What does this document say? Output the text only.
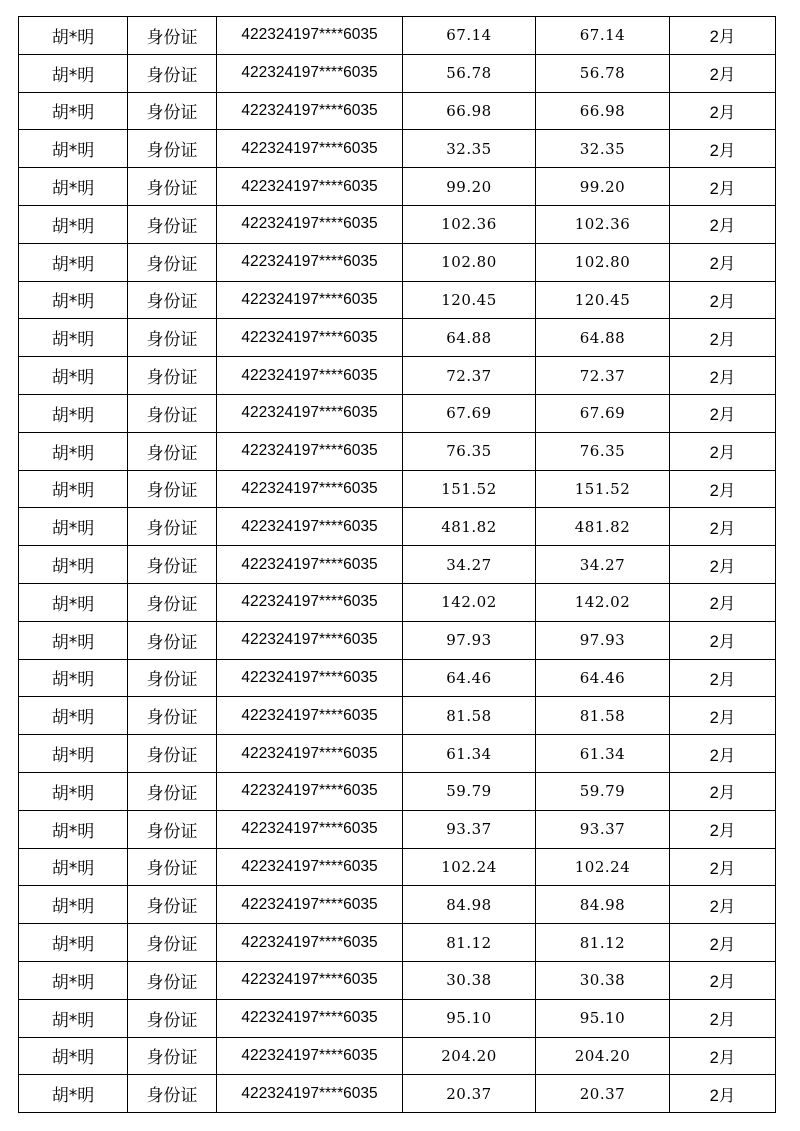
胡*明	身份证	422324197****6035	67.14	67.14	2月
胡*明	身份证	422324197****6035	56.78	56.78	2月
胡*明	身份证	422324197****6035	66.98	66.98	2月
胡*明	身份证	422324197****6035	32.35	32.35	2月
胡*明	身份证	422324197****6035	99.20	99.20	2月
胡*明	身份证	422324197****6035	102.36	102.36	2月
胡*明	身份证	422324197****6035	102.80	102.80	2月
胡*明	身份证	422324197****6035	120.45	120.45	2月
胡*明	身份证	422324197****6035	64.88	64.88	2月
胡*明	身份证	422324197****6035	72.37	72.37	2月
胡*明	身份证	422324197****6035	67.69	67.69	2月
胡*明	身份证	422324197****6035	76.35	76.35	2月
胡*明	身份证	422324197****6035	151.52	151.52	2月
胡*明	身份证	422324197****6035	481.82	481.82	2月
胡*明	身份证	422324197****6035	34.27	34.27	2月
胡*明	身份证	422324197****6035	142.02	142.02	2月
胡*明	身份证	422324197****6035	97.93	97.93	2月
胡*明	身份证	422324197****6035	64.46	64.46	2月
胡*明	身份证	422324197****6035	81.58	81.58	2月
胡*明	身份证	422324197****6035	61.34	61.34	2月
胡*明	身份证	422324197****6035	59.79	59.79	2月
胡*明	身份证	422324197****6035	93.37	93.37	2月
胡*明	身份证	422324197****6035	102.24	102.24	2月
胡*明	身份证	422324197****6035	84.98	84.98	2月
胡*明	身份证	422324197****6035	81.12	81.12	2月
胡*明	身份证	422324197****6035	30.38	30.38	2月
胡*明	身份证	422324197****6035	95.10	95.10	2月
胡*明	身份证	422324197****6035	204.20	204.20	2月
胡*明	身份证	422324197****6035	20.37	20.37	2月
